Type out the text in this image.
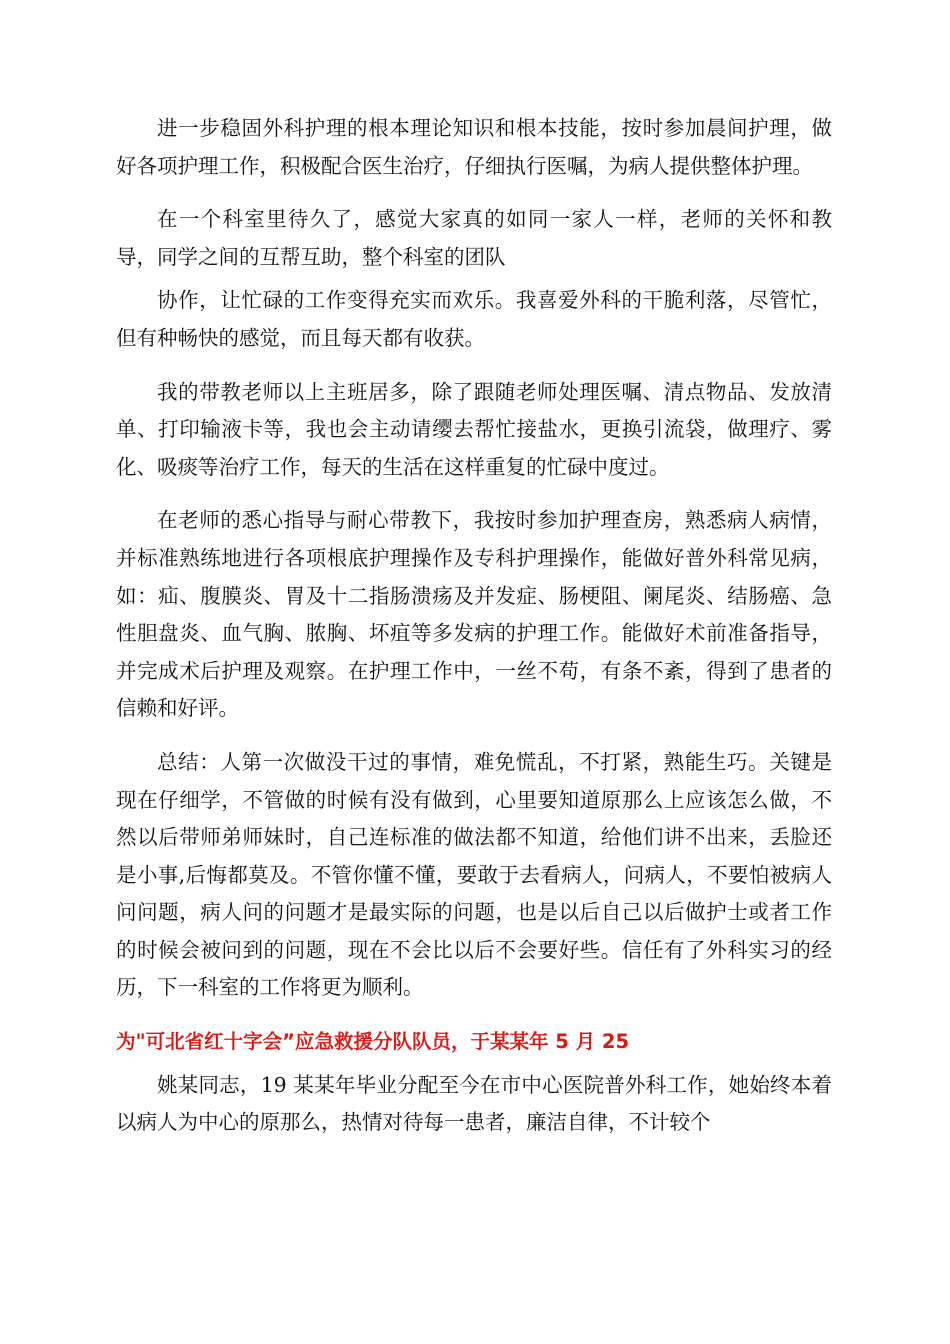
进一步稳固外科护理的根本理论知识和根本技能，按时参加晨间护理，做好各项护理工作，积极配合医生治疗，仔细执行医嘱，为病人提供整体护理。

在一个科室里待久了，感觉大家真的如同一家人一样，老师的关怀和教导，同学之间的互帮互助，整个科室的团队

协作，让忙碌的工作变得充实而欢乐。我喜爱外科的干脆利落，尽管忙，但有种畅快的感觉，而且每天都有收获。

我的带教老师以上主班居多，除了跟随老师处理医嘱、清点物品、发放清单、打印输液卡等，我也会主动请缨去帮忙接盐水，更换引流袋，做理疗、雾化、吸痰等治疗工作，每天的生活在这样重复的忙碌中度过。

在老师的悉心指导与耐心带教下，我按时参加护理查房，熟悉病人病情，并标准熟练地进行各项根底护理操作及专科护理操作，能做好普外科常见病，如：疝、腹膜炎、胃及十二指肠溃疡及并发症、肠梗阻、阑尾炎、结肠癌、急性胆盘炎、血气胸、脓胸、坏疽等多发病的护理工作。能做好术前准备指导，并完成术后护理及观察。在护理工作中，一丝不苟，有条不紊，得到了患者的信赖和好评。

总结：人第一次做没干过的事情，难免慌乱，不打紧，熟能生巧。关键是现在仔细学，不管做的时候有没有做到，心里要知道原那么上应该怎么做，不然以后带师弟师妹时，自己连标准的做法都不知道，给他们讲不出来，丢脸还是小事,后悔都莫及。不管你懂不懂，要敢于去看病人，问病人，不要怕被病人问问题，病人问的问题才是最实际的问题，也是以后自己以后做护士或者工作的时候会被问到的问题，现在不会比以后不会要好些。信任有了外科实习的经历，下一科室的工作将更为顺利。

为"可北省红十字会”应急救援分队队员，于某某年 5 月 25

姚某同志，19 某某年毕业分配至今在市中心医院普外科工作，她始终本着以病人为中心的原那么，热情对待每一患者，廉洁自律，不计较个
